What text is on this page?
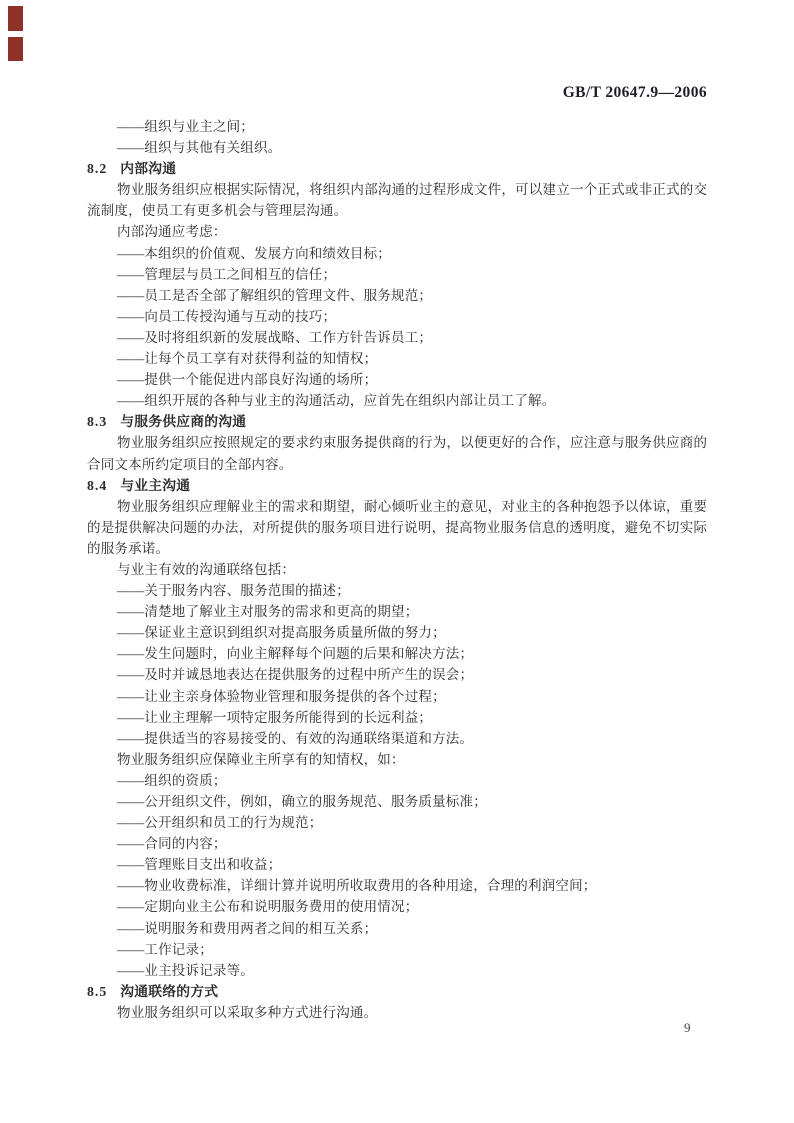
GB/T 20647.9—2006
——组织与业主之间；
——组织与其他有关组织。
8.2 内部沟通
物业服务组织应根据实际情况，将组织内部沟通的过程形成文件，可以建立一个正式或非正式的交
流制度，使员工有更多机会与管理层沟通。
内部沟通应考虑：
——本组织的价值观、发展方向和绩效目标；
——管理层与员工之间相互的信任；
——员工是否全部了解组织的管理文件、服务规范；
——向员工传授沟通与互动的技巧；
——及时将组织新的发展战略、工作方针告诉员工；
——让每个员工享有对获得利益的知情权；
——提供一个能促进内部良好沟通的场所；
——组织开展的各种与业主的沟通活动，应首先在组织内部让员工了解。
8.3 与服务供应商的沟通
物业服务组织应按照规定的要求约束服务提供商的行为，以便更好的合作，应注意与服务供应商的
合同文本所约定项目的全部内容。
8.4 与业主沟通
物业服务组织应理解业主的需求和期望，耐心倾听业主的意见，对业主的各种抱怨予以体谅，重要
的是提供解决问题的办法，对所提供的服务项目进行说明，提高物业服务信息的透明度，避免不切实际
的服务承诺。
与业主有效的沟通联络包括：
——关于服务内容、服务范围的描述；
——清楚地了解业主对服务的需求和更高的期望；
——保证业主意识到组织对提高服务质量所做的努力；
——发生问题时，向业主解释每个问题的后果和解决方法；
——及时并诚恳地表达在提供服务的过程中所产生的误会；
——让业主亲身体验物业管理和服务提供的各个过程；
——让业主理解一项特定服务所能得到的长远利益；
——提供适当的容易接受的、有效的沟通联络渠道和方法。
物业服务组织应保障业主所享有的知情权，如：
——组织的资质；
——公开组织文件，例如，确立的服务规范、服务质量标准；
——公开组织和员工的行为规范；
——合同的内容；
——管理账目支出和收益；
——物业收费标准，详细计算并说明所收取费用的各种用途，合理的利润空间；
——定期向业主公布和说明服务费用的使用情况；
——说明服务和费用两者之间的相互关系；
——工作记录；
——业主投诉记录等。
8.5 沟通联络的方式
物业服务组织可以采取多种方式进行沟通。
9
